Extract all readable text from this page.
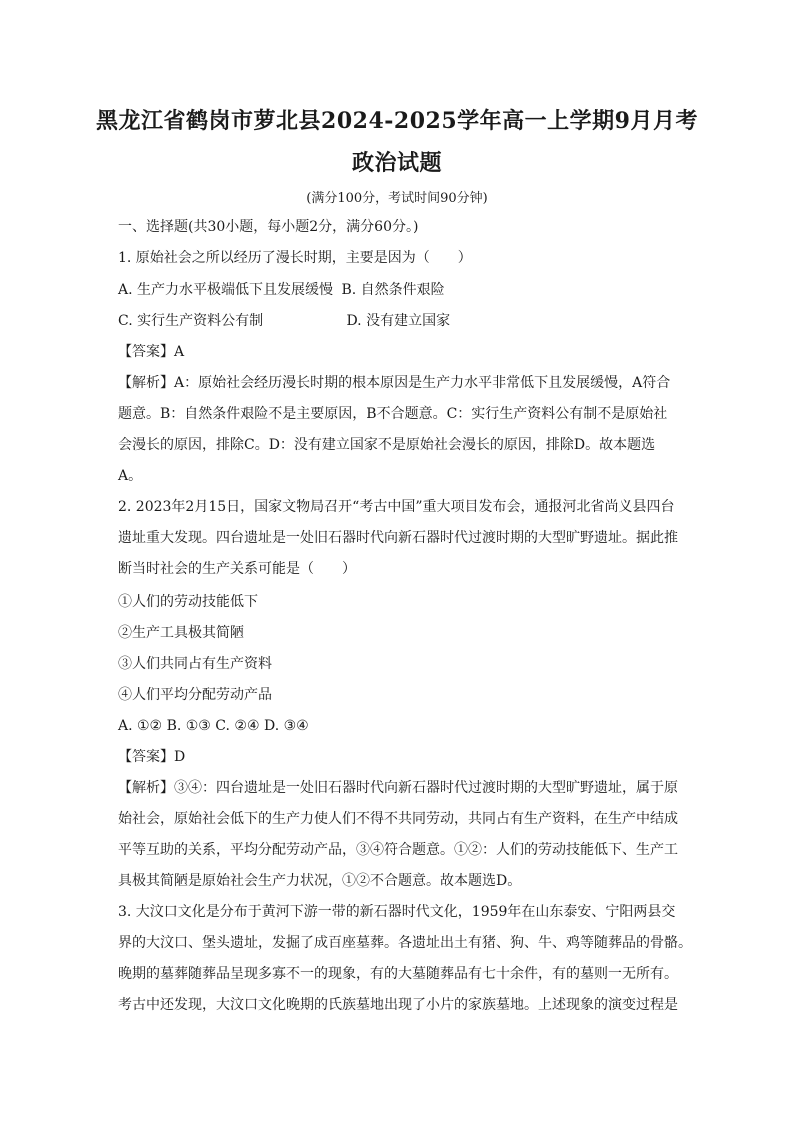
黑龙江省鹤岗市萝北县2024-2025学年高一上学期9月月考
政治试题
(满分100分，考试时间90分钟)
一、选择题(共30小题，每小题2分，满分60分。)
1. 原始社会之所以经历了漫长时期，主要是因为（　　）
A. 生产力水平极端低下且发展缓慢 B. 自然条件艰险
C. 实行生产资料公有制	D. 没有建立国家
【答案】A
【解析】A：原始社会经历漫长时期的根本原因是生产力水平非常低下且发展缓慢，A符合
题意。B：自然条件艰险不是主要原因，B不合题意。C：实行生产资料公有制不是原始社
会漫长的原因，排除C。D：没有建立国家不是原始社会漫长的原因，排除D。故本题选
A。
2. 2023年2月15日，国家文物局召开“考古中国”重大项目发布会，通报河北省尚义县四台
遗址重大发现。四台遗址是一处旧石器时代向新石器时代过渡时期的大型旷野遗址。据此推
断当时社会的生产关系可能是（　　）
①人们的劳动技能低下
②生产工具极其简陋
③人们共同占有生产资料
④人们平均分配劳动产品
A. ①② B. ①③ C. ②④ D. ③④
【答案】D
【解析】③④：四台遗址是一处旧石器时代向新石器时代过渡时期的大型旷野遗址，属于原
始社会，原始社会低下的生产力使人们不得不共同劳动，共同占有生产资料，在生产中结成
平等互助的关系，平均分配劳动产品，③④符合题意。①②：人们的劳动技能低下、生产工
具极其简陋是原始社会生产力状况，①②不合题意。故本题选D。
3. 大汶口文化是分布于黄河下游一带的新石器时代文化，1959年在山东泰安、宁阳两县交
界的大汶口、堡头遗址，发掘了成百座墓葬。各遗址出土有猪、狗、牛、鸡等随葬品的骨骼。
晚期的墓葬随葬品呈现多寡不一的现象，有的大墓随葬品有七十余件，有的墓则一无所有。
考古中还发现，大汶口文化晚期的氏族墓地出现了小片的家族墓地。上述现象的演变过程是
